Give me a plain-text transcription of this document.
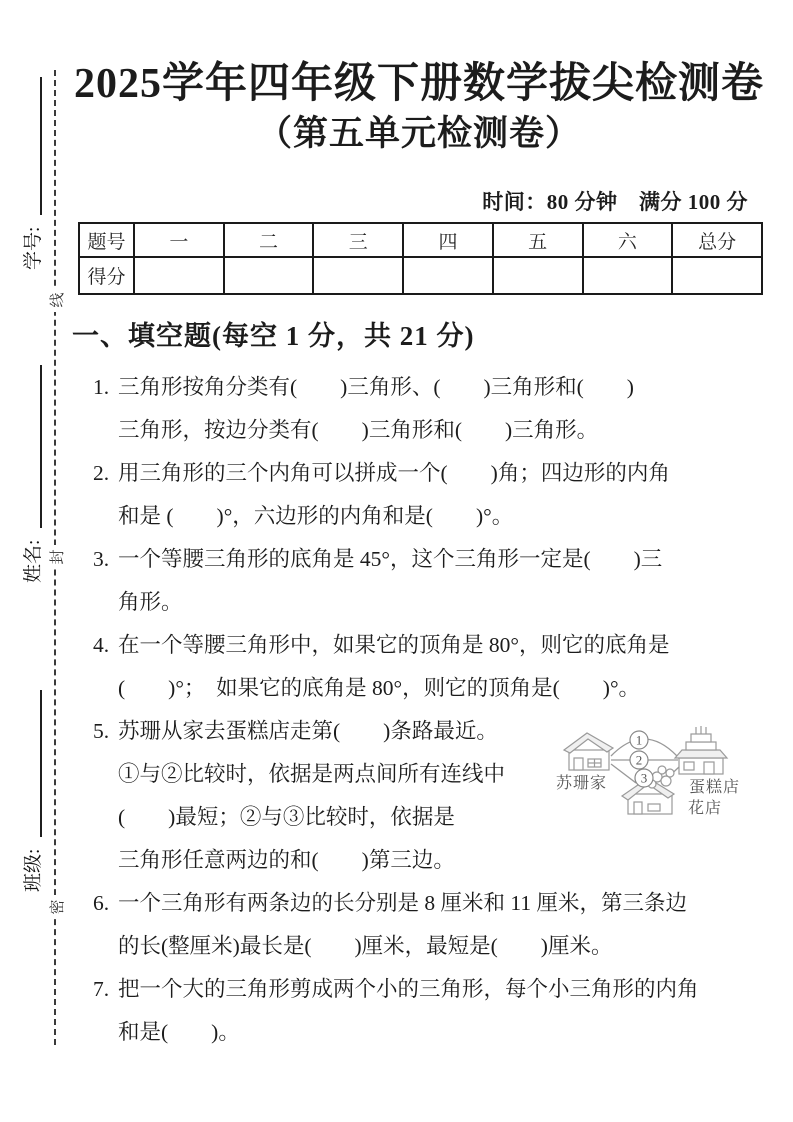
线
封
密
学号:
姓名:
班级:
2025学年四年级下册数学拔尖检测卷
（第五单元检测卷）
时间：80 分钟　满分 100 分
题号	一	二	三	四	五	六	总分
得分							
一、填空题(每空 1 分，共 21 分)
1. 三角形按角分类有(　　)三角形、(　　)三角形和(　　)
三角形，按边分类有(　　)三角形和(　　)三角形。
2. 用三角形的三个内角可以拼成一个(　　)角；四边形的内角
和是 (　　)°，六边形的内角和是(　　)°。
3. 一个等腰三角形的底角是 45°，这个三角形一定是(　　)三
角形。
4. 在一个等腰三角形中，如果它的顶角是 80°，则它的底角是
(　　)°；　如果它的底角是 80°，则它的顶角是(　　)°。
5. 苏珊从家去蛋糕店走第(　　)条路最近。
①与②比较时，依据是两点间所有连线中
(　　)最短；②与③比较时，依据是
三角形任意两边的和(　　)第三边。
6. 一个三角形有两条边的长分别是 8 厘米和 11 厘米，第三条边
的长(整厘米)最长是(　　)厘米，最短是(　　)厘米。
7. 把一个大的三角形剪成两个小的三角形，每个小三角形的内角
和是(　　)。
苏珊家	蛋糕店
花店
1
2
3
